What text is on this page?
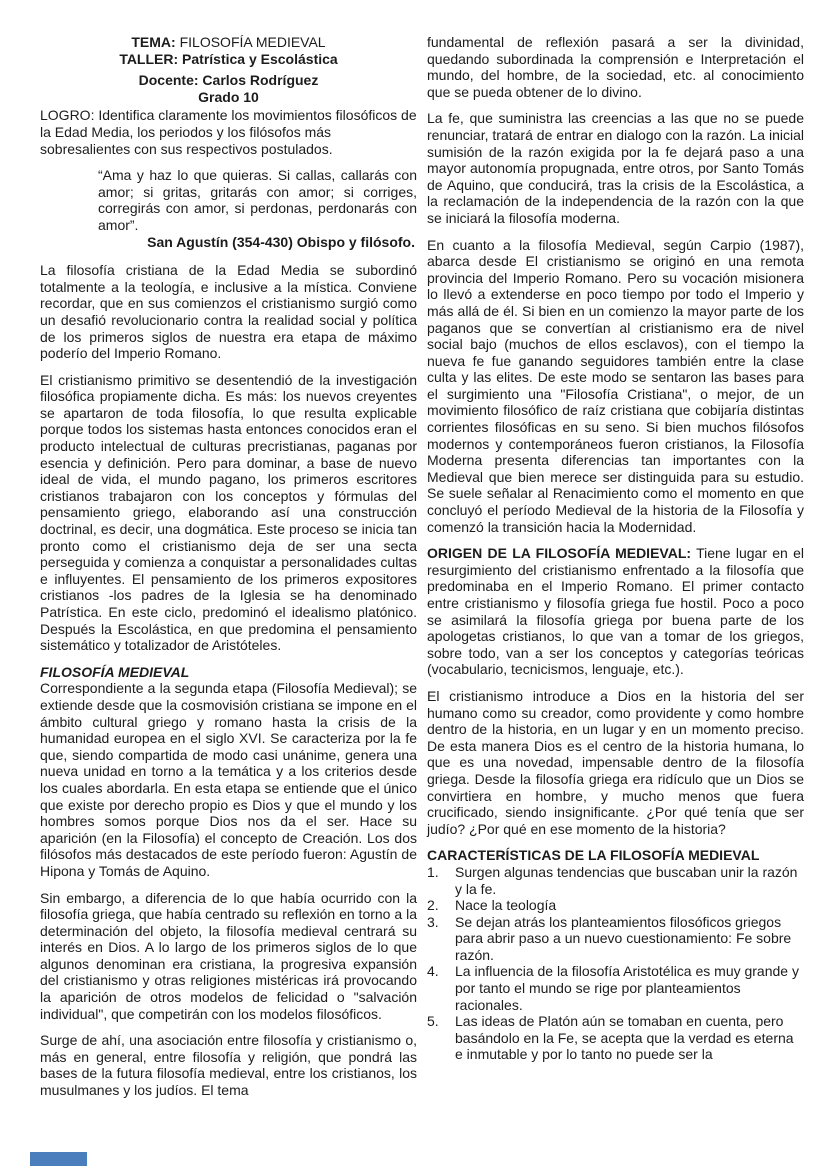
TEMA: FILOSOFÍA MEDIEVAL
TALLER: Patrística y Escolástica
Docente: Carlos Rodríguez
Grado 10

LOGRO: Identifica claramente los movimientos filosóficos de la Edad Media, los periodos y los filósofos más sobresalientes con sus respectivos postulados.

“Ama y haz lo que quieras. Si callas, callarás con amor; si gritas, gritarás con amor; si corriges, corregirás con amor, si perdonas, perdonarás con amor”.

San Agustín (354-430) Obispo y filósofo.

La filosofía cristiana de la Edad Media se subordinó totalmente a la teología, e inclusive a la mística. Conviene recordar, que en sus comienzos el cristianismo surgió como un desafió revolucionario contra la realidad social y política de los primeros siglos de nuestra era etapa de máximo poderío del Imperio Romano.

El cristianismo primitivo se desentendió de la investigación filosófica propiamente dicha. Es más: los nuevos creyentes se apartaron de toda filosofía, lo que resulta explicable porque todos los sistemas hasta entonces conocidos eran el producto intelectual de culturas precristianas, paganas por esencia y definición. Pero para dominar, a base de nuevo ideal de vida, el mundo pagano, los primeros escritores cristianos trabajaron con los conceptos y fórmulas del pensamiento griego, elaborando así una construcción doctrinal, es decir, una dogmática. Este proceso se inicia tan pronto como el cristianismo deja de ser una secta perseguida y comienza a conquistar a personalidades cultas e influyentes. El pensamiento de los primeros expositores cristianos -los padres de la Iglesia se ha denominado Patrística. En este ciclo, predominó el idealismo platónico. Después la Escolástica, en que predomina el pensamiento sistemático y totalizador de Aristóteles.

FILOSOFÍA MEDIEVAL

Correspondiente a la segunda etapa (Filosofía Medieval); se extiende desde que la cosmovisión cristiana se impone en el ámbito cultural griego y romano hasta la crisis de la humanidad europea en el siglo XVI. Se caracteriza por la fe que, siendo compartida de modo casi unánime, genera una nueva unidad en torno a la temática y a los criterios desde los cuales abordarla. En esta etapa se entiende que el único que existe por derecho propio es Dios y que el mundo y los hombres somos porque Dios nos da el ser. Hace su aparición (en la Filosofía) el concepto de Creación. Los dos filósofos más destacados de este período fueron: Agustín de Hipona y Tomás de Aquino.

Sin embargo, a diferencia de lo que había ocurrido con la filosofía griega, que había centrado su reflexión en torno a la determinación del objeto, la filosofía medieval centrará su interés en Dios. A lo largo de los primeros siglos de lo que algunos denominan era cristiana, la progresiva expansión del cristianismo y otras religiones mistéricas irá provocando la aparición de otros modelos de felicidad o "salvación individual", que competirán con los modelos filosóficos.

Surge de ahí, una asociación entre filosofía y cristianismo o, más en general, entre filosofía y religión, que pondrá las bases de la futura filosofía medieval, entre los cristianos, los musulmanes y los judíos. El tema

fundamental de reflexión pasará a ser la divinidad, quedando subordinada la comprensión e Interpretación el mundo, del hombre, de la sociedad, etc. al conocimiento que se pueda obtener de lo divino.

La fe, que suministra las creencias a las que no se puede renunciar, tratará de entrar en dialogo con la razón. La inicial sumisión de la razón exigida por la fe dejará paso a una mayor autonomía propugnada, entre otros, por Santo Tomás de Aquino, que conducirá, tras la crisis de la Escolástica, a la reclamación de la independencia de la razón con la que se iniciará la filosofía moderna.

En cuanto a la filosofía Medieval, según Carpio (1987), abarca desde El cristianismo se originó en una remota provincia del Imperio Romano. Pero su vocación misionera lo llevó a extenderse en poco tiempo por todo el Imperio y más allá de él. Si bien en un comienzo la mayor parte de los paganos que se convertían al cristianismo era de nivel social bajo (muchos de ellos esclavos), con el tiempo la nueva fe fue ganando seguidores también entre la clase culta y las elites. De este modo se sentaron las bases para el surgimiento una "Filosofía Cristiana", o mejor, de un movimiento filosófico de raíz cristiana que cobijaría distintas corrientes filosóficas en su seno. Si bien muchos filósofos modernos y contemporáneos fueron cristianos, la Filosofía Moderna presenta diferencias tan importantes con la Medieval que bien merece ser distinguida para su estudio. Se suele señalar al Renacimiento como el momento en que concluyó el período Medieval de la historia de la Filosofía y comenzó la transición hacia la Modernidad.

ORIGEN DE LA FILOSOFÍA MEDIEVAL: Tiene lugar en el resurgimiento del cristianismo enfrentado a la filosofía que predominaba en el Imperio Romano. El primer contacto entre cristianismo y filosofía griega fue hostil. Poco a poco se asimilará la filosofía griega por buena parte de los apologetas cristianos, lo que van a tomar de los griegos, sobre todo, van a ser los conceptos y categorías teóricas (vocabulario, tecnicismos, lenguaje, etc.).

El cristianismo introduce a Dios en la historia del ser humano como su creador, como providente y como hombre dentro de la historia, en un lugar y en un momento preciso. De esta manera Dios es el centro de la historia humana, lo que es una novedad, impensable dentro de la filosofía griega. Desde la filosofía griega era ridículo que un Dios se convirtiera en hombre, y mucho menos que fuera crucificado, siendo insignificante. ¿Por qué tenía que ser judío? ¿Por qué en ese momento de la historia?

CARACTERÍSTICAS DE LA FILOSOFÍA MEDIEVAL
1.	Surgen algunas tendencias que buscaban unir la razón y la fe.
2.	Nace la teología
3.	Se dejan atrás los planteamientos filosóficos griegos para abrir paso a un nuevo cuestionamiento: Fe sobre razón.
4.	La influencia de la filosofía Aristotélica es muy grande y por tanto el mundo se rige por planteamientos racionales.
5.	Las ideas de Platón aún se tomaban en cuenta, pero basándolo en la Fe, se acepta que la verdad es eterna e inmutable y por lo tanto no puede ser la
